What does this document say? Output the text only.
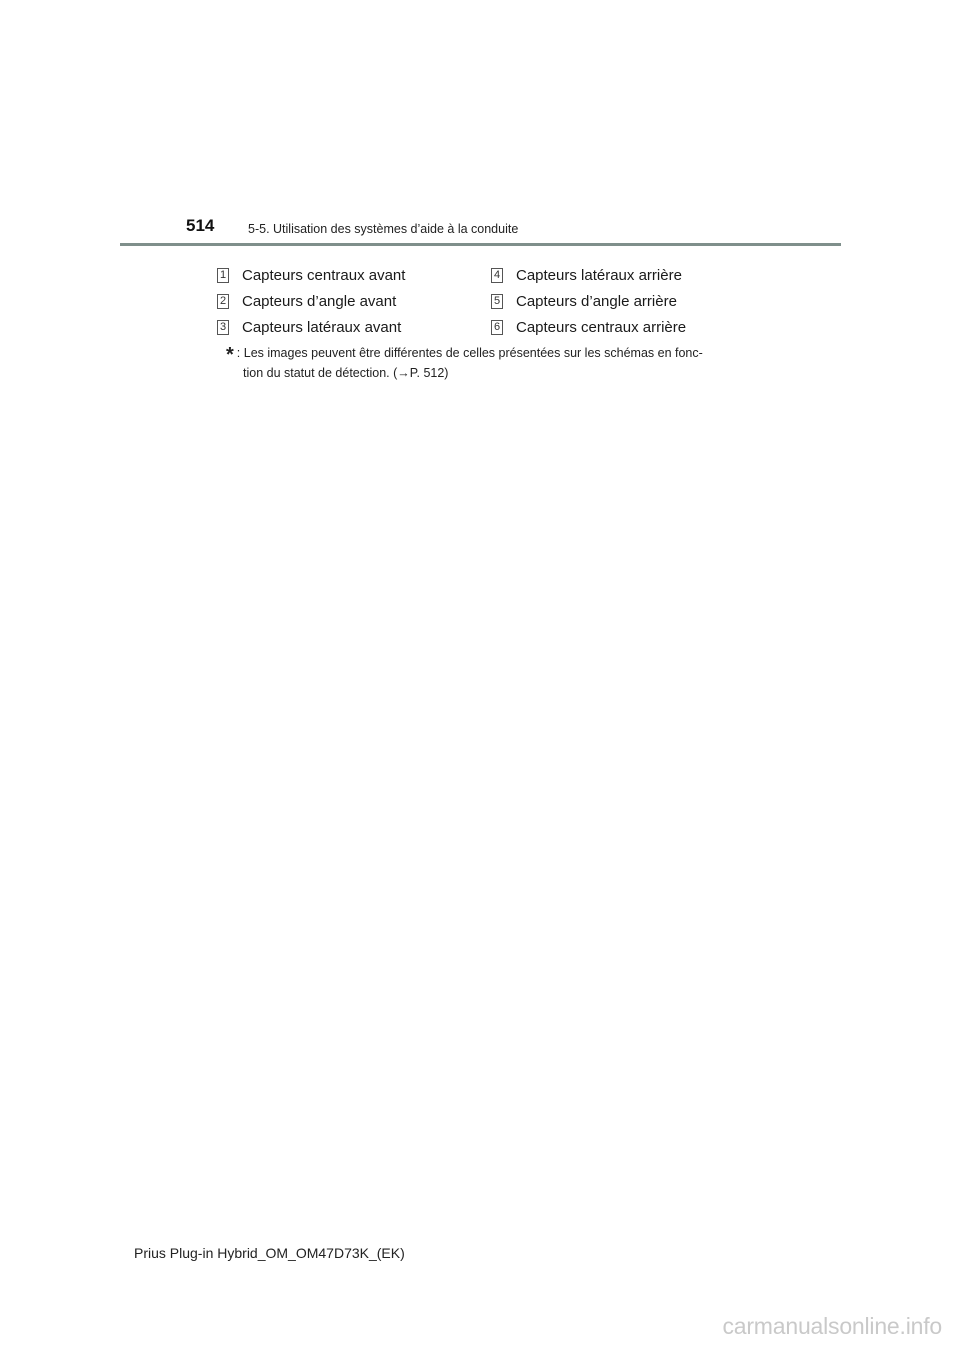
514	5-5. Utilisation des systèmes d’aide à la conduite
1 Capteurs centraux avant
2 Capteurs d’angle avant
3 Capteurs latéraux avant
4 Capteurs latéraux arrière
5 Capteurs d’angle arrière
6 Capteurs centraux arrière
* : Les images peuvent être différentes de celles présentées sur les schémas en fonc-
tion du statut de détection. (→P. 512)
Prius Plug-in Hybrid_OM_OM47D73K_(EK)
carmanualsonline.info
